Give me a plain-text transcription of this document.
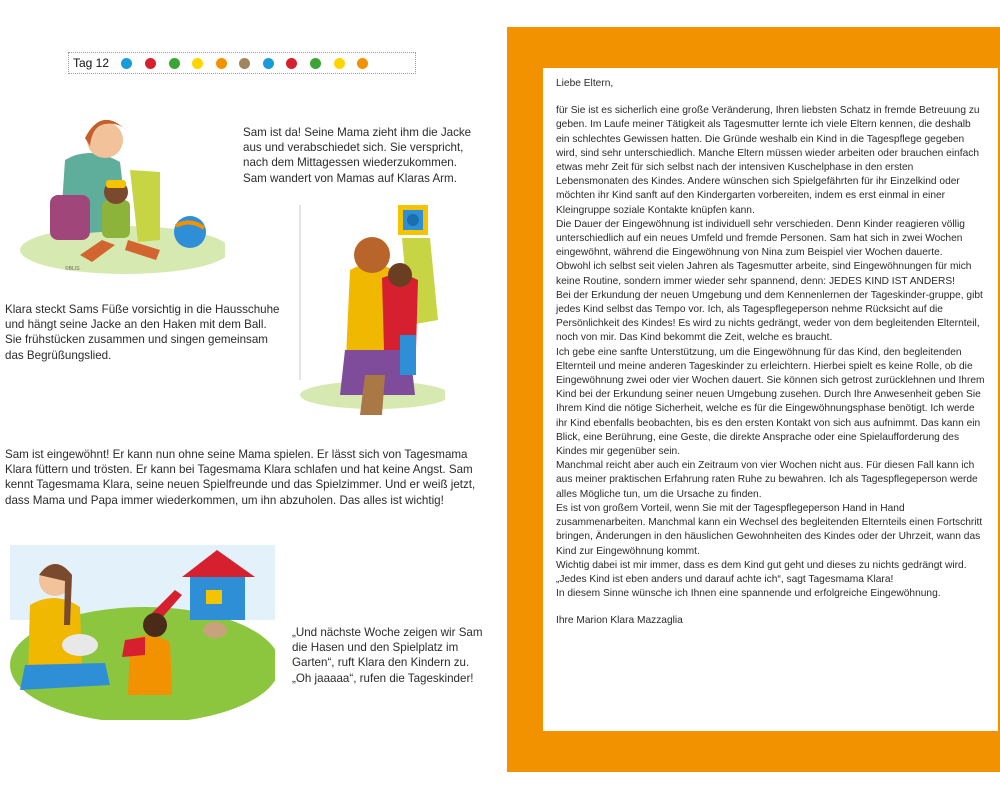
Tag 12
©BLIS
Sam ist da! Seine Mama zieht ihm die Jacke aus und verabschiedet sich. Sie verspricht, nach dem Mittagessen wiederzukommen. Sam wandert von Mamas auf Klaras Arm.
Klara steckt Sams Füße vorsichtig in die Hausschuhe und hängt seine Jacke an den Haken mit dem Ball. Sie frühstücken zusammen und singen gemeinsam das Begrüßungslied.
Sam ist eingewöhnt! Er kann nun ohne seine Mama spielen. Er lässt sich von Tagesmama Klara füttern und trösten. Er kann bei Tagesmama Klara schlafen und hat keine Angst. Sam kennt Tagesmama Klara, seine neuen Spielfreunde und das Spielzimmer. Und er weiß jetzt, dass Mama und Papa immer wiederkommen, um ihn abzuholen. Das alles ist wichtig!
„Und nächste Woche zeigen wir Sam die Hasen und den Spielplatz im Garten“, ruft Klara den Kindern zu.
„Oh jaaaaa“, rufen die Tageskinder!

Liebe Eltern,

für Sie ist es sicherlich eine große Veränderung, Ihren liebsten Schatz in fremde Betreuung zu geben. Im Laufe meiner Tätigkeit als Tagesmutter lernte ich viele Eltern kennen, die deshalb ein schlechtes Gewissen hatten. Die Gründe weshalb ein Kind in die Tagespflege gegeben wird, sind sehr unterschiedlich. Manche Eltern müssen wieder arbeiten oder brauchen einfach etwas mehr Zeit für sich selbst nach der intensiven Kuschelphase in den ersten Lebensmonaten des Kindes. Andere wünschen sich Spielgefährten für ihr Einzelkind oder möchten ihr Kind sanft auf den Kindergarten vorbereiten, indem es erst einmal in einer Kleingruppe soziale Kontakte knüpfen kann.

Die Dauer der Eingewöhnung ist individuell sehr verschieden. Denn Kinder reagieren völlig unterschiedlich auf ein neues Umfeld und fremde Personen. Sam hat sich in zwei Wochen eingewöhnt, während die Eingewöhnung von Nina zum Beispiel vier Wochen dauerte.

Obwohl ich selbst seit vielen Jahren als Tagesmutter arbeite, sind Eingewöhnungen für mich keine Routine, sondern immer wieder sehr spannend, denn: JEDES KIND IST ANDERS!

Bei der Erkundung der neuen Umgebung und dem Kennenlernen der Tageskinder-gruppe, gibt jedes Kind selbst das Tempo vor. Ich, als Tagespflegeperson nehme Rücksicht auf die Persönlichkeit des Kindes! Es wird zu nichts gedrängt, weder von dem begleitenden Elternteil, noch von mir. Das Kind bekommt die Zeit, welche es braucht.

Ich gebe eine sanfte Unterstützung, um die Eingewöhnung für das Kind, den begleitenden Elternteil und meine anderen Tageskinder zu erleichtern. Hierbei spielt es keine Rolle, ob die Eingewöhnung zwei oder vier Wochen dauert. Sie können sich getrost zurücklehnen und Ihrem Kind bei der Erkundung seiner neuen Umgebung zusehen. Durch Ihre Anwesenheit geben Sie Ihrem Kind die nötige Sicherheit, welche es für die Eingewöhnungsphase benötigt. Ich werde ihr Kind ebenfalls beobachten, bis es den ersten Kontakt von sich aus aufnimmt. Das kann ein Blick, eine Berührung, eine Geste, die direkte Ansprache oder eine Spielaufforderung des Kindes mir gegenüber sein.

Manchmal reicht aber auch ein Zeitraum von vier Wochen nicht aus. Für diesen Fall kann ich aus meiner praktischen Erfahrung raten Ruhe zu bewahren. Ich als Tagespflegeperson werde alles Mögliche tun, um die Ursache zu finden.

Es ist von großem Vorteil, wenn Sie mit der Tagespflegeperson Hand in Hand zusammenarbeiten. Manchmal kann ein Wechsel des begleitenden Elternteils einen Fortschritt bringen, Änderungen in den häuslichen Gewohnheiten des Kindes oder der Uhrzeit, wann das Kind zur Eingewöhnung kommt.

Wichtig dabei ist mir immer, dass es dem Kind gut geht und dieses zu nichts gedrängt wird.

„Jedes Kind ist eben anders und darauf achte ich“, sagt Tagesmama Klara!

In diesem Sinne wünsche ich Ihnen eine spannende und erfolgreiche Eingewöhnung.

Ihre Marion Klara Mazzaglia
